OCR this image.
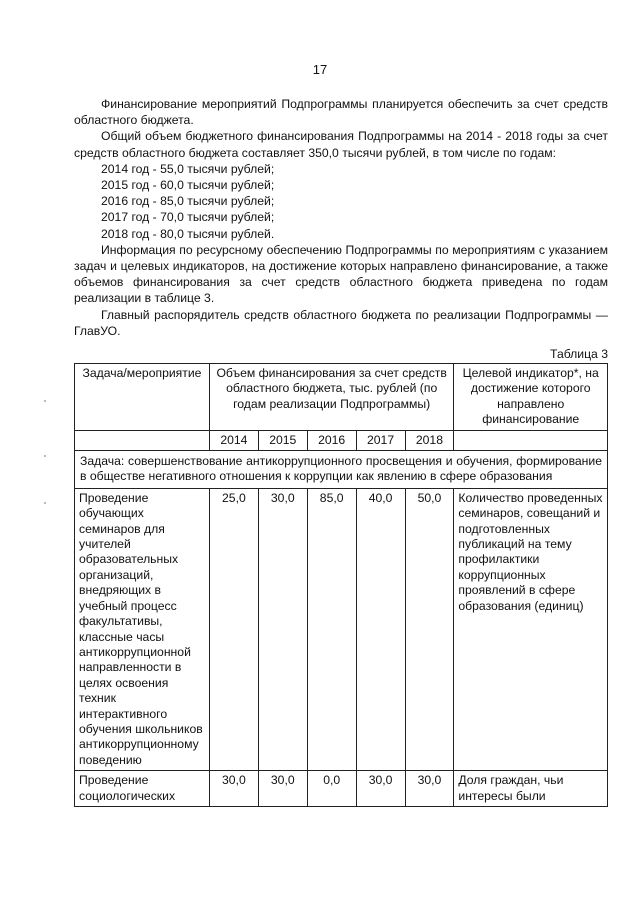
17

Финансирование мероприятий Подпрограммы планируется обеспечить за счет средств областного бюджета.

Общий объем бюджетного финансирования Подпрограммы на 2014 - 2018 годы за счет средств областного бюджета составляет 350,0 тысячи рублей, в том числе по годам:

2014 год - 55,0 тысячи рублей;
2015 год - 60,0 тысячи рублей;
2016 год - 85,0 тысячи рублей;
2017 год - 70,0 тысячи рублей;
2018 год - 80,0 тысячи рублей.

Информация по ресурсному обеспечению Подпрограммы по мероприятиям с указанием задач и целевых индикаторов, на достижение которых направлено финансирование, а также объемов финансирования за счет средств областного бюджета приведена по годам реализации в таблице 3.

Главный распорядитель средств областного бюджета по реализации Подпрограммы — ГлавУО.

Таблица 3
Задача/мероприятие	Объем финансирования за счет средств областного бюджета, тыс. рублей (по годам реализации Подпрограммы)					Целевой индикатор*, на достижение которого направлено финансирование
	2014	2015	2016	2017	2018	
Задача: совершенствование антикоррупционного просвещения и обучения, формирование в обществе негативного отношения к коррупции как явлению в сфере образования						
Проведение обучающих семинаров для учителей образовательных организаций, внедряющих в учебный процесс факультативы, классные часы антикоррупционной направленности в целях освоения техник интерактивного обучения школьников антикоррупционному поведению	25,0	30,0	85,0	40,0	50,0	Количество проведенных семинаров, совещаний и подготовленных публикаций на тему профилактики коррупционных проявлений в сфере образования (единиц)
Проведение социологических	30,0	30,0	0,0	30,0	30,0	Доля граждан, чьи интересы были
